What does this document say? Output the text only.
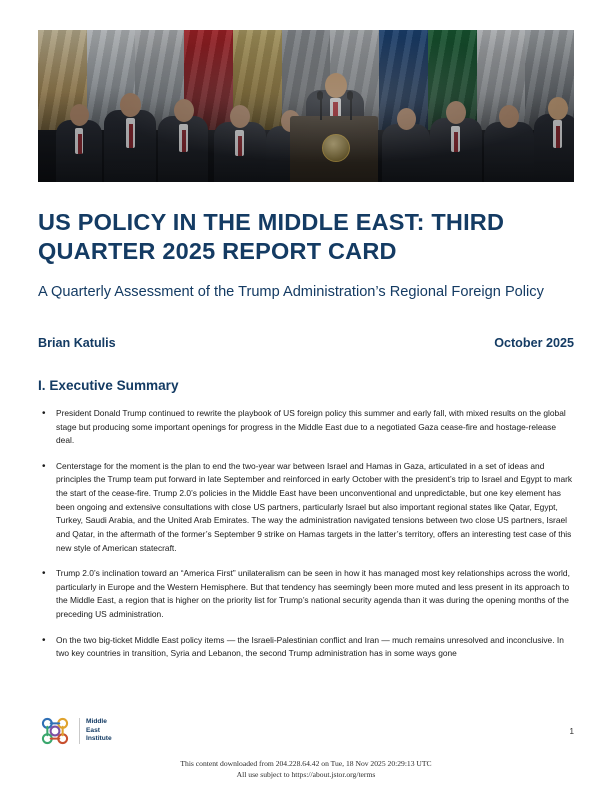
US POLICY IN THE MIDDLE EAST: THIRD QUARTER 2025 REPORT CARD
A Quarterly Assessment of the Trump Administration’s Regional Foreign Policy
Brian Katulis	October 2025
I. Executive Summary
• President Donald Trump continued to rewrite the playbook of US foreign policy this summer and early fall, with mixed results on the global stage but producing some important openings for progress in the Middle East due to a negotiated Gaza cease-fire and hostage-release deal.
• Centerstage for the moment is the plan to end the two-year war between Israel and Hamas in Gaza, articulated in a set of ideas and principles the Trump team put forward in late September and reinforced in early October with the president’s trip to Israel and Egypt to mark the start of the cease-fire. Trump 2.0’s policies in the Middle East have been unconventional and unpredictable, but one key element has been ongoing and extensive consultations with close US partners, particularly Israel but also important regional states like Qatar, Egypt, Turkey, Saudi Arabia, and the United Arab Emirates. The way the administration navigated tensions between two close US partners, Israel and Qatar, in the aftermath of the former’s September 9 strike on Hamas targets in the latter’s territory, offers an interesting test case of this new style of American statecraft.
• Trump 2.0’s inclination toward an “America First” unilateralism can be seen in how it has managed most key relationships across the world, particularly in Europe and the Western Hemisphere. But that tendency has seemingly been more muted and less present in its approach to the Middle East, a region that is higher on the priority list for Trump’s national security agenda than it was during the opening months of the preceding US administration.
• On the two big-ticket Middle East policy items — the Israeli-Palestinian conflict and Iran — much remains unresolved and inconclusive. In two key countries in transition, Syria and Lebanon, the second Trump administration has in some ways gone
Middle
East
Institute
1
This content downloaded from 204.228.64.42 on Tue, 18 Nov 2025 20:29:13 UTC
All use subject to https://about.jstor.org/terms
